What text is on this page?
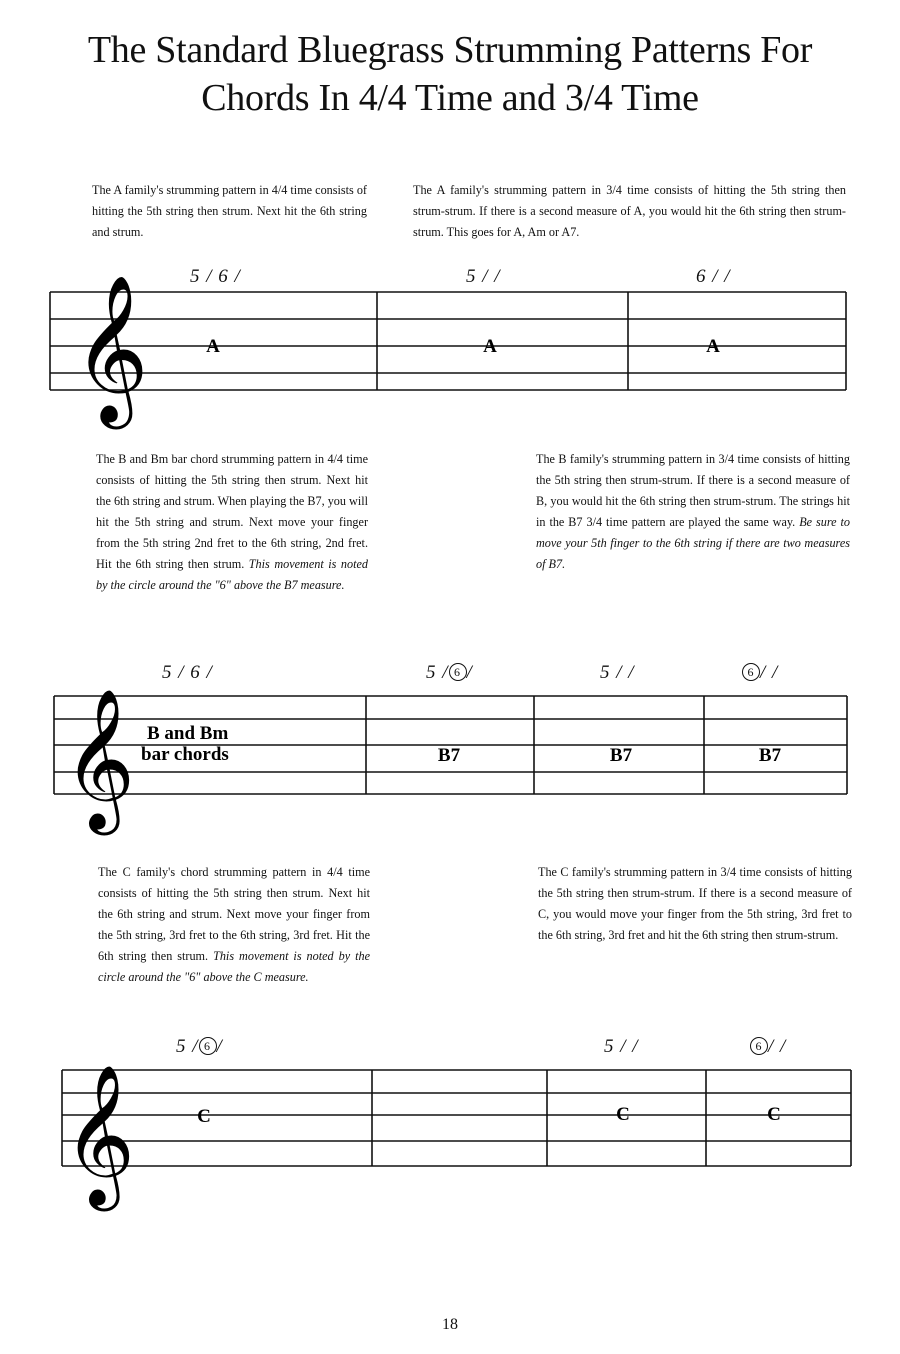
The Standard Bluegrass Strumming Patterns For
Chords In 4/4 Time and 3/4 Time

The A family's strumming pattern in 4/4 time consists of hitting the 5th string then strum. Next hit the 6th string and strum.

The A family's strumming pattern in 3/4 time consists of hitting the 5th string then strum-strum. If there is a second measure of A, you would hit the 6th string then strum-strum. This goes for A, Am or A7.

5 / 6 /	5 / /	6 / /
𝄞	A	A	A

The B and Bm bar chord strumming pattern in 4/4 time consists of hitting the 5th string then strum. Next hit the 6th string and strum. When playing the B7, you will hit the 5th string and strum. Next move your finger from the 5th string 2nd fret to the 6th string, 2nd fret. Hit the 6th string then strum. This movement is noted by the circle around the "6" above the B7 measure.

The B family's strumming pattern in 3/4 time consists of hitting the 5th string then strum-strum. If there is a second measure of B, you would hit the 6th string then strum-strum. The strings hit in the B7 3/4 time pattern are played the same way. Be sure to move your 5th finger to the 6th string if there are two measures of B7.

5 / 6 /	5 / 6 /	5 / /	6 / /
𝄞 B and Bm
bar chords	B7	B7	B7

The C family's chord strumming pattern in 4/4 time consists of hitting the 5th string then strum. Next hit the 6th string and strum. Next move your finger from the 5th string, 3rd fret to the 6th string, 3rd fret. Hit the 6th string then strum. This movement is noted by the circle around the "6" above the C measure.

The C family's strumming pattern in 3/4 time consists of hitting the 5th string then strum-strum. If there is a second measure of C, you would move your finger from the 5th string, 3rd fret to the 6th string, 3rd fret and hit the 6th string then strum-strum.

5 / 6 /	5 / /	6 / /
𝄞	C	C	C
18
